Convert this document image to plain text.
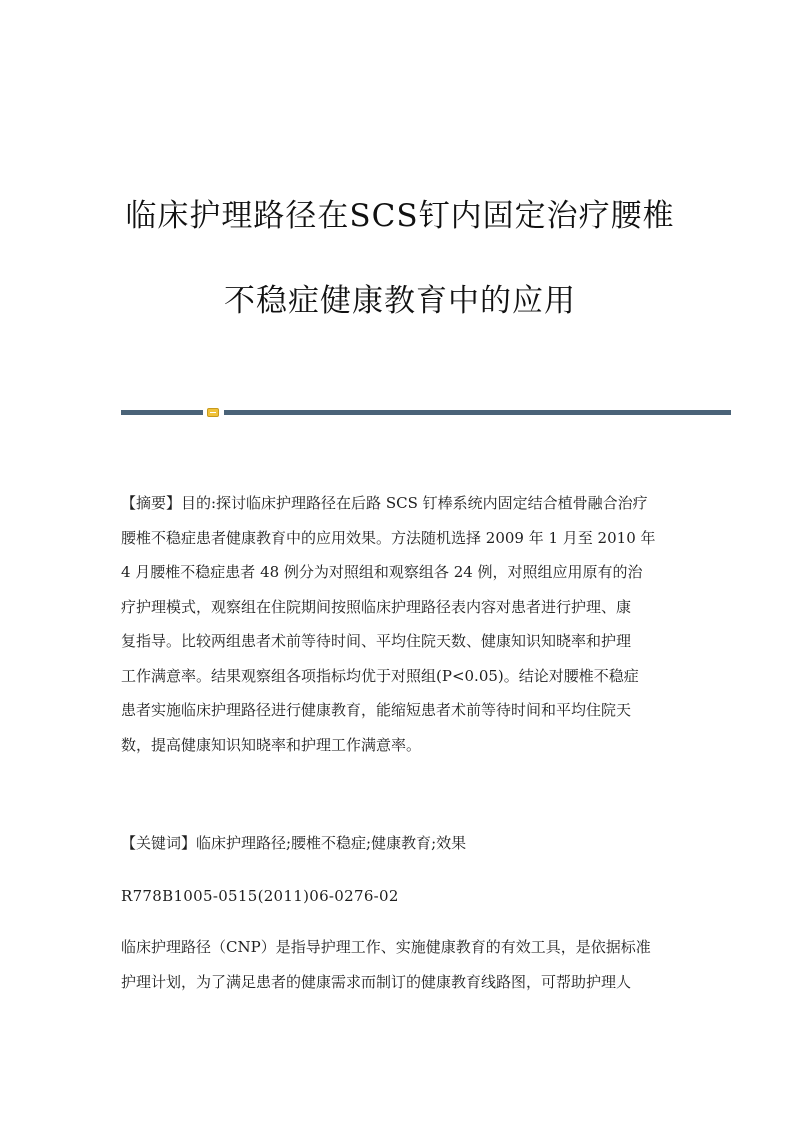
临床护理路径在SCS钉内固定治疗腰椎
不稳症健康教育中的应用
【摘要】目的:探讨临床护理路径在后路 SCS 钉棒系统内固定结合植骨融合治疗
腰椎不稳症患者健康教育中的应用效果。方法随机选择 2009 年 1 月至 2010 年
4 月腰椎不稳症患者 48 例分为对照组和观察组各 24 例，对照组应用原有的治
疗护理模式，观察组在住院期间按照临床护理路径表内容对患者进行护理、康
复指导。比较两组患者术前等待时间、平均住院天数、健康知识知晓率和护理
工作满意率。结果观察组各项指标均优于对照组(P<0.05)。结论对腰椎不稳症
患者实施临床护理路径进行健康教育，能缩短患者术前等待时间和平均住院天
数，提高健康知识知晓率和护理工作满意率。
【关键词】临床护理路径;腰椎不稳症;健康教育;效果
R778B1005-0515(2011)06-0276-02
临床护理路径（CNP）是指导护理工作、实施健康教育的有效工具，是依据标准
护理计划，为了满足患者的健康需求而制订的健康教育线路图，可帮助护理人
